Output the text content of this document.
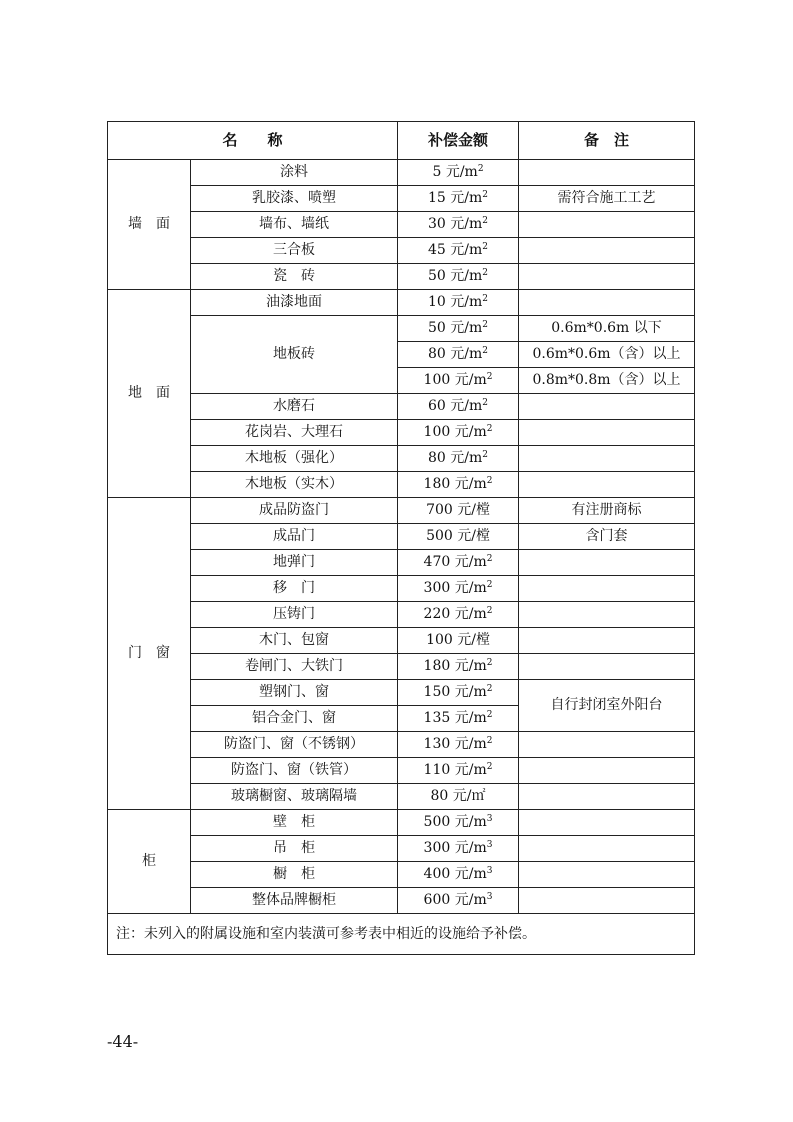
名　　称		补偿金额	备　注
墙　面	涂料	5 元$/m^2$	
	乳胶漆、喷塑	15 元$/m^2$	需符合施工工艺
	墙布、墙纸	30 元$/m^2$	
	三合板	45 元$/m^2$	
	瓷　砖	50 元$/m^2$	
地　面	油漆地面	10 元$/m^2$	
	地板砖	50 元$/m^2$	0.6m*0.6m 以下
		80 元$/m^2$	0.6m*0.6m（含）以上
		100 元$/m^2$	0.8m*0.8m（含）以上
	水磨石	60 元$/m^2$	
	花岗岩、大理石	100 元$/m^2$	
	木地板（强化）	80 元$/m^2$	
	木地板（实木）	180 元$/m^2$	
门　窗	成品防盗门	700 元/樘	有注册商标
	成品门	500 元/樘	含门套
	地弹门	470 元$/m^2$	
	移　门	300 元$/m^2$	
	压铸门	220 元$/m^2$	
	木门、包窗	100 元/樘	
	卷闸门、大铁门	180 元$/m^2$	
	塑钢门、窗	150 元$/m^2$	自行封闭室外阳台
	铝合金门、窗	135 元$/m^2$
	防盗门、窗（不锈钢）	130 元$/m^2$	
	防盗门、窗（铁管）	110 元$/m^2$	
	玻璃橱窗、玻璃隔墙	80 元/㎡	
柜	壁　柜	500 元$/m^3$	
	吊　柜	300 元$/m^3$	
	橱　柜	400 元$/m^3$	
	整体品牌橱柜	600 元$/m^3$	
注：未列入的附属设施和室内装潢可参考表中相近的设施给予补偿。			
-44-
